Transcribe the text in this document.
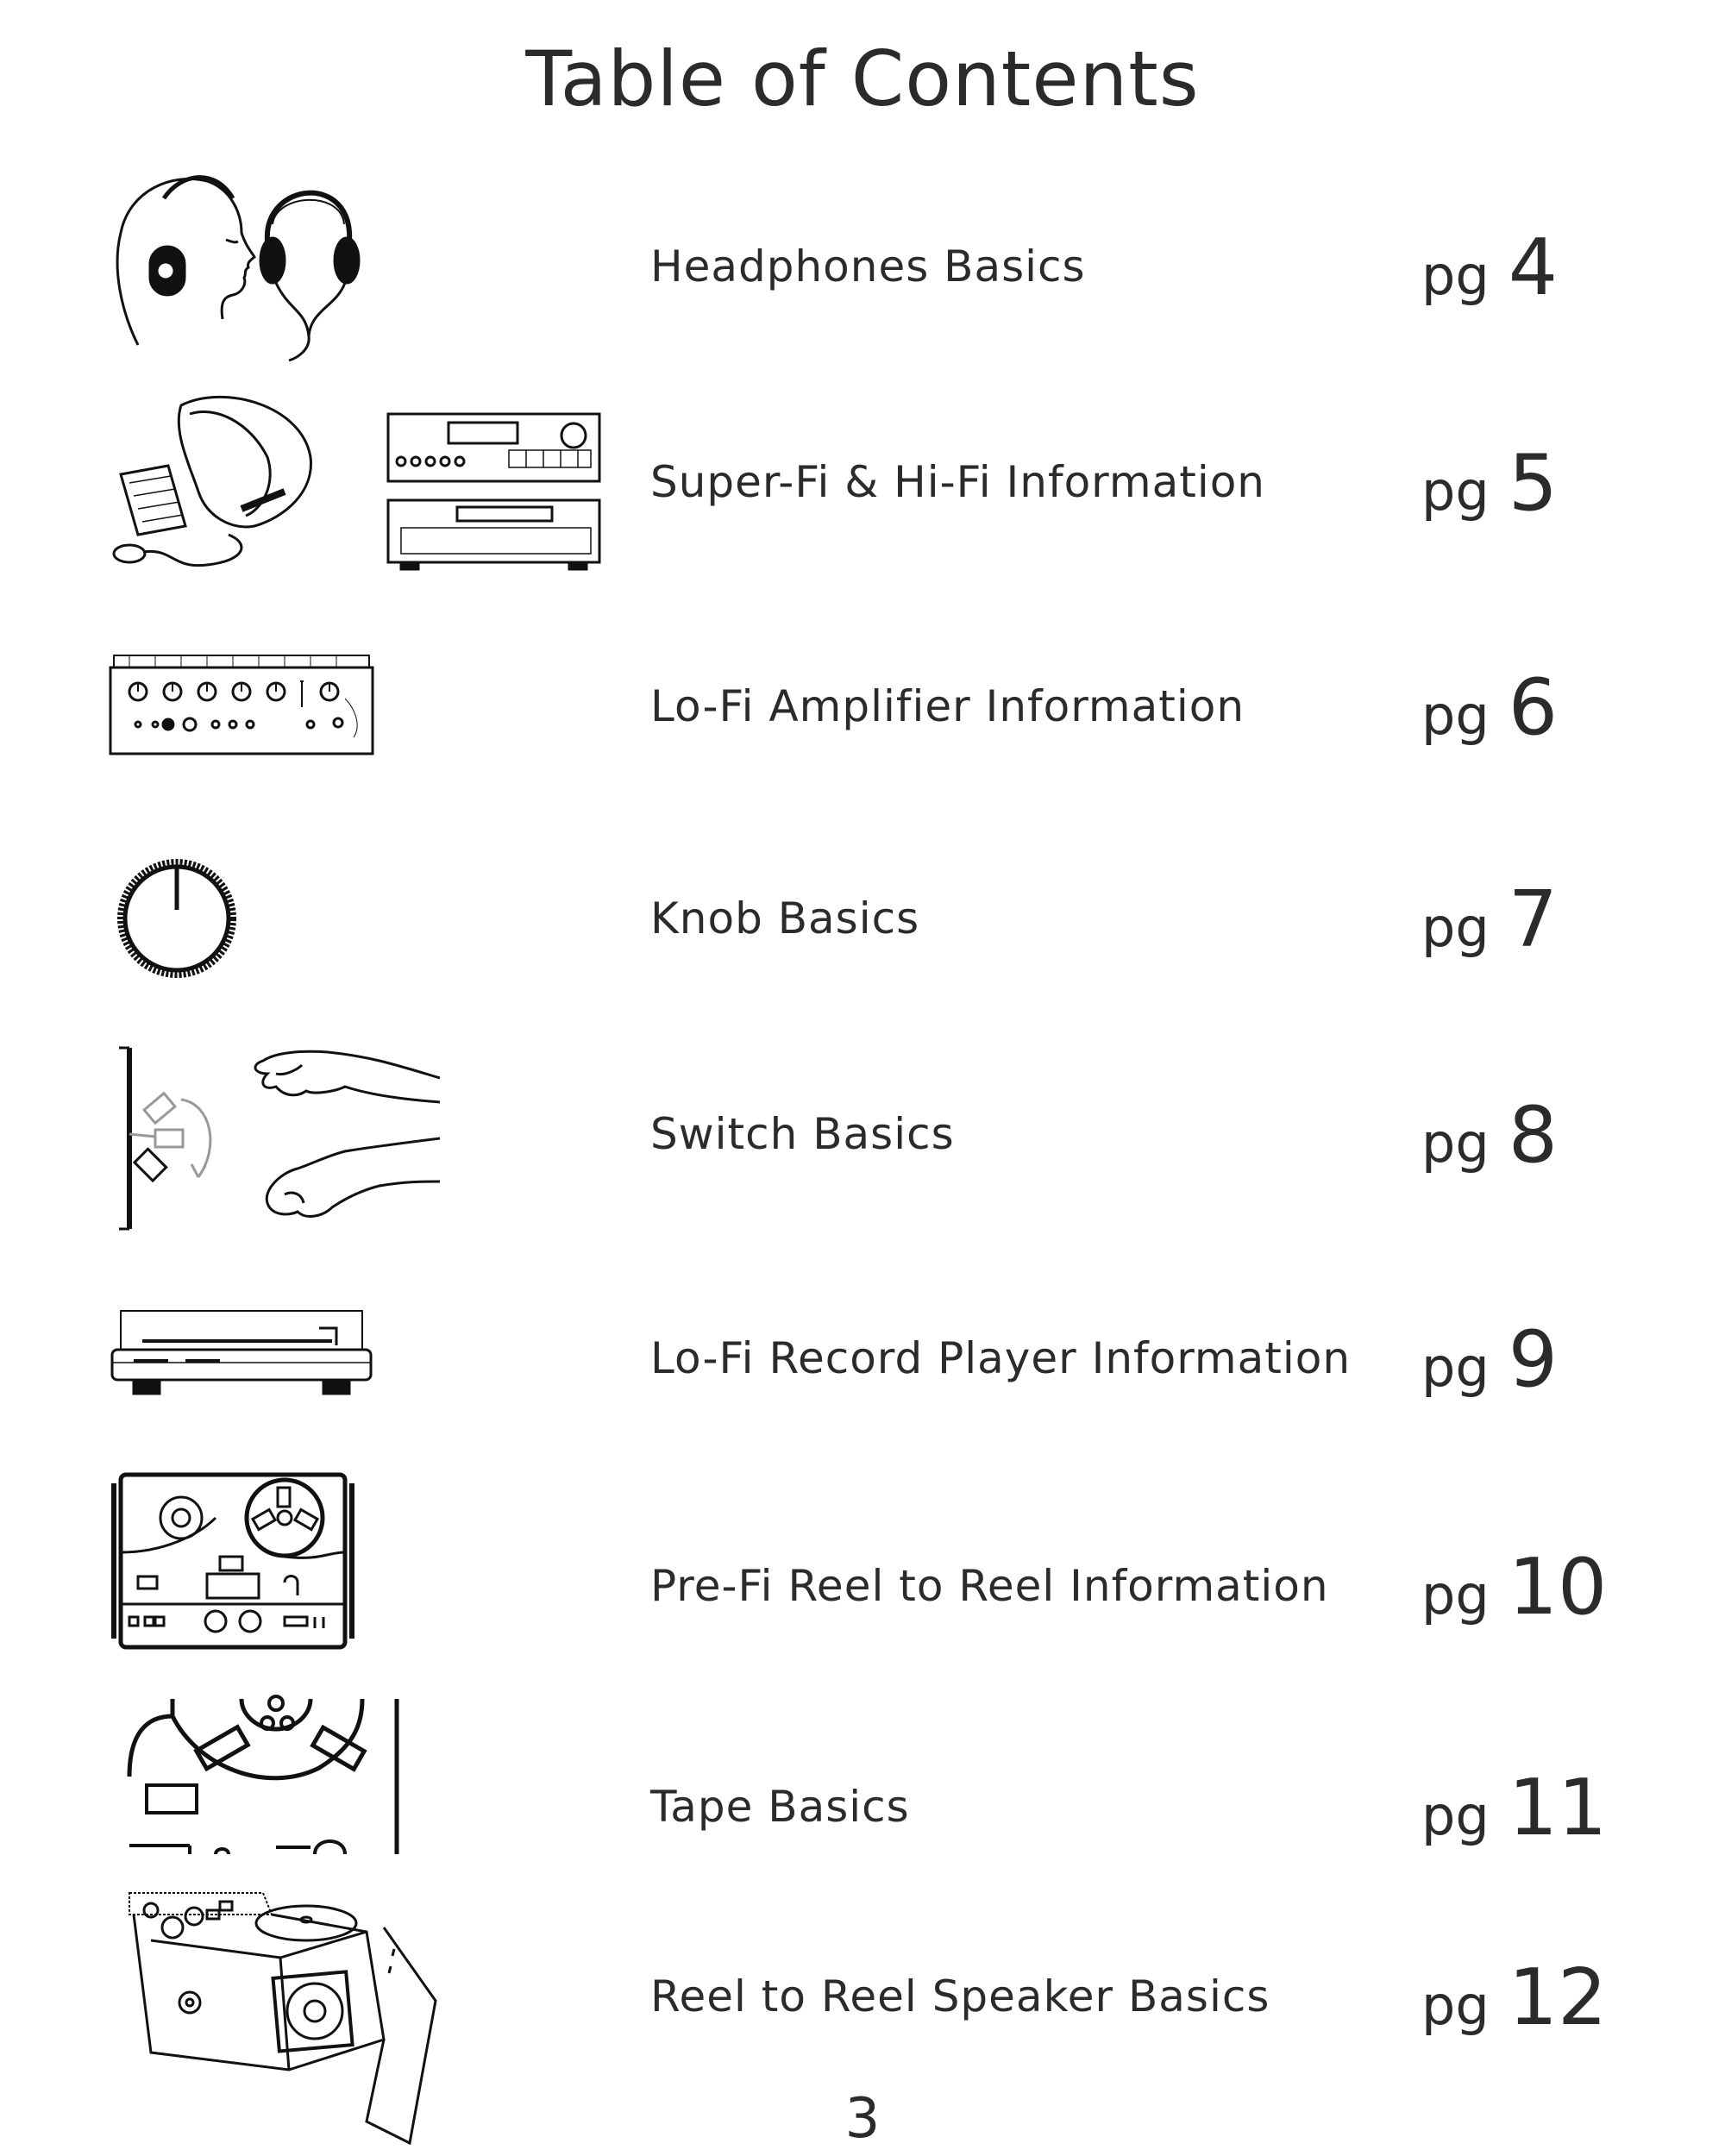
Table of Contents
Headphones Basics	pg 4
Super-Fi & Hi-Fi Information	pg 5
Lo-Fi Amplifier Information	pg 6
Knob Basics	pg 7
Switch Basics	pg 8
Lo-Fi Record Player Information pg 9
Pre-Fi Reel to Reel Information pg 10
Tape Basics	pg 11
Reel to Reel Speaker Basics	pg 12
3
